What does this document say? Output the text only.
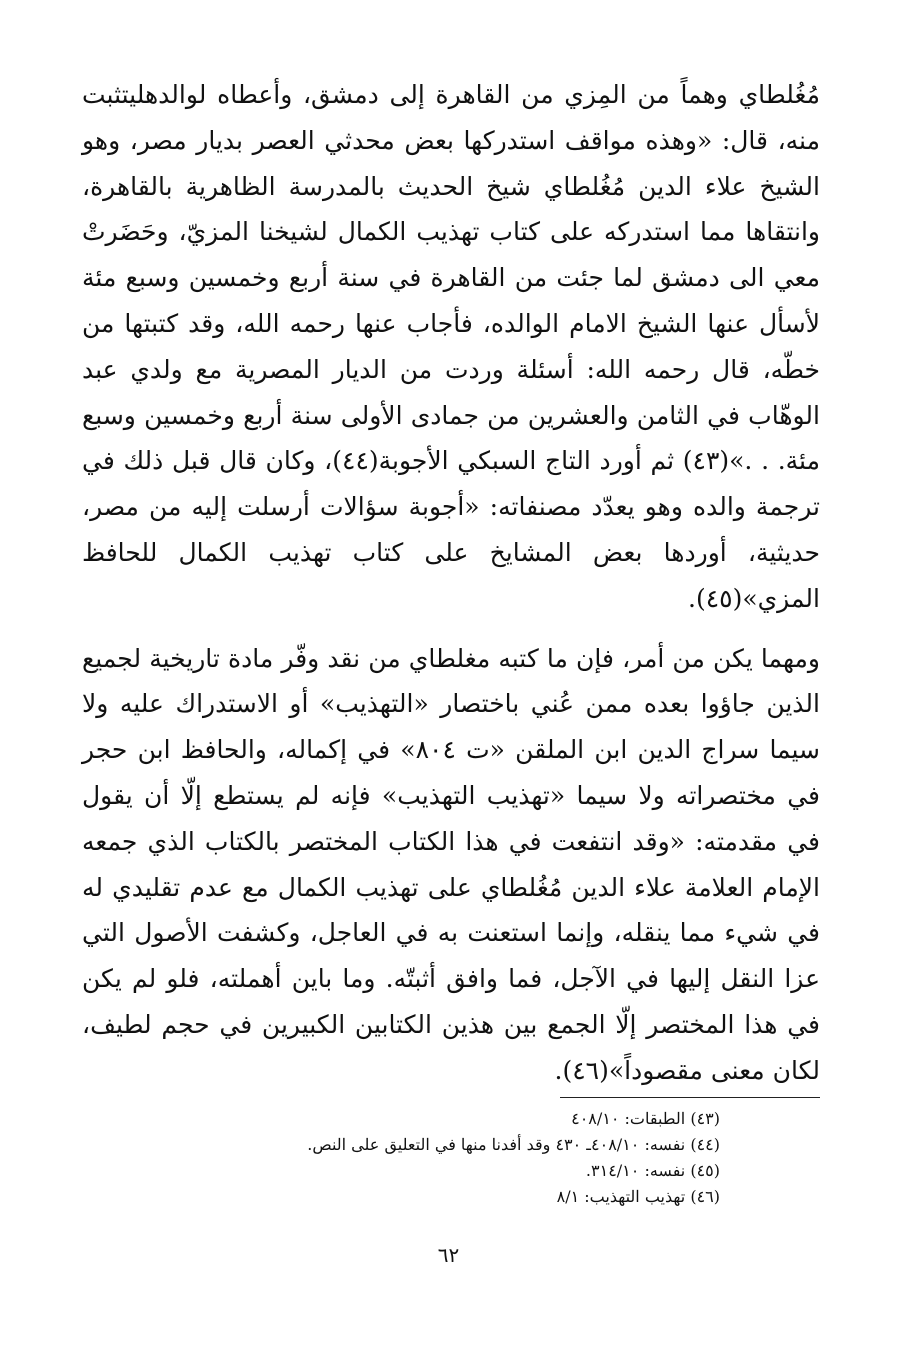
مُغُلطاي وهماً من المِزي من القاهرة إلى دمشق، وأعطاه لوالدهليتثبت منه، قال: «وهذه مواقف استدركها بعض محدثي العصر بديار مصر، وهو الشيخ علاء الدين مُغُلطاي شيخ الحديث بالمدرسة الظاهرية بالقاهرة، وانتقاها مما استدركه على كتاب تهذيب الكمال لشيخنا المزيّ، وحَضَرتْ معي الى دمشق لما جئت من القاهرة في سنة أربع وخمسين وسبع مئة لأسأل عنها الشيخ الامام الوالده، فأجاب عنها رحمه الله، وقد كتبتها من خطّه، قال رحمه الله: أسئلة وردت من الديار المصرية مع ولدي عبد الوهّاب في الثامن والعشرين من جمادى الأولى سنة أربع وخمسين وسبع مئة. . .»(٤٣) ثم أورد التاج السبكي الأجوبة(٤٤)، وكان قال قبل ذلك في ترجمة والده وهو يعدّد مصنفاته: «أجوبة سؤالات أرسلت إليه من مصر، حديثية، أوردها بعض المشايخ على كتاب تهذيب الكمال للحافظ المزي»(٤٥).

ومهما يكن من أمر، فإن ما كتبه مغلطاي من نقد وفّر مادة تاريخية لجميع الذين جاؤوا بعده ممن عُني باختصار «التهذيب» أو الاستدراك عليه ولا سيما سراج الدين ابن الملقن «ت ٨٠٤» في إكماله، والحافظ ابن حجر في مختصراته ولا سيما «تهذيب التهذيب» فإنه لم يستطع إلّا أن يقول في مقدمته: «وقد انتفعت في هذا الكتاب المختصر بالكتاب الذي جمعه الإمام العلامة علاء الدين مُغُلطاي على تهذيب الكمال مع عدم تقليدي له في شيء مما ينقله، وإنما استعنت به في العاجل، وكشفت الأصول التي عزا النقل إليها في الآجل، فما وافق أثبتّه. وما باين أهملته، فلو لم يكن في هذا المختصر إلّا الجمع بين هذين الكتابين الكبيرين في حجم لطيف، لكان معنى مقصوداً»(٤٦).

(٤٣) الطبقات: ٤٠٨/١٠
(٤٤) نفسه: ٤٠٨/١٠ـ ٤٣٠ وقد أفدنا منها في التعليق على النص.
(٤٥) نفسه: ٣١٤/١٠.
(٤٦) تهذيب التهذيب: ٨/١
٦٢
